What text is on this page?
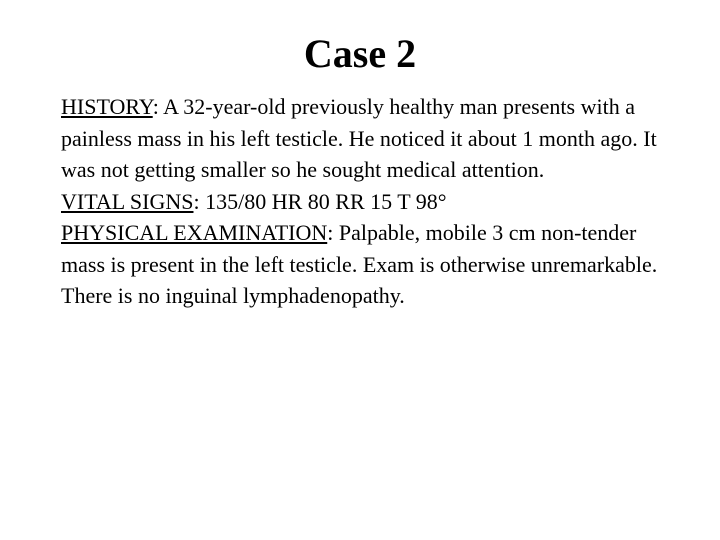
Case 2

HISTORY: A 32-year-old previously healthy man presents with a painless mass in his left testicle. He noticed it about 1 month ago. It was not getting smaller so he sought medical attention.

VITAL SIGNS: 135/80 HR 80 RR 15 T 98°

PHYSICAL EXAMINATION: Palpable, mobile 3 cm non-tender mass is present in the left testicle. Exam is otherwise unremarkable. There is no inguinal lymphadenopathy.
